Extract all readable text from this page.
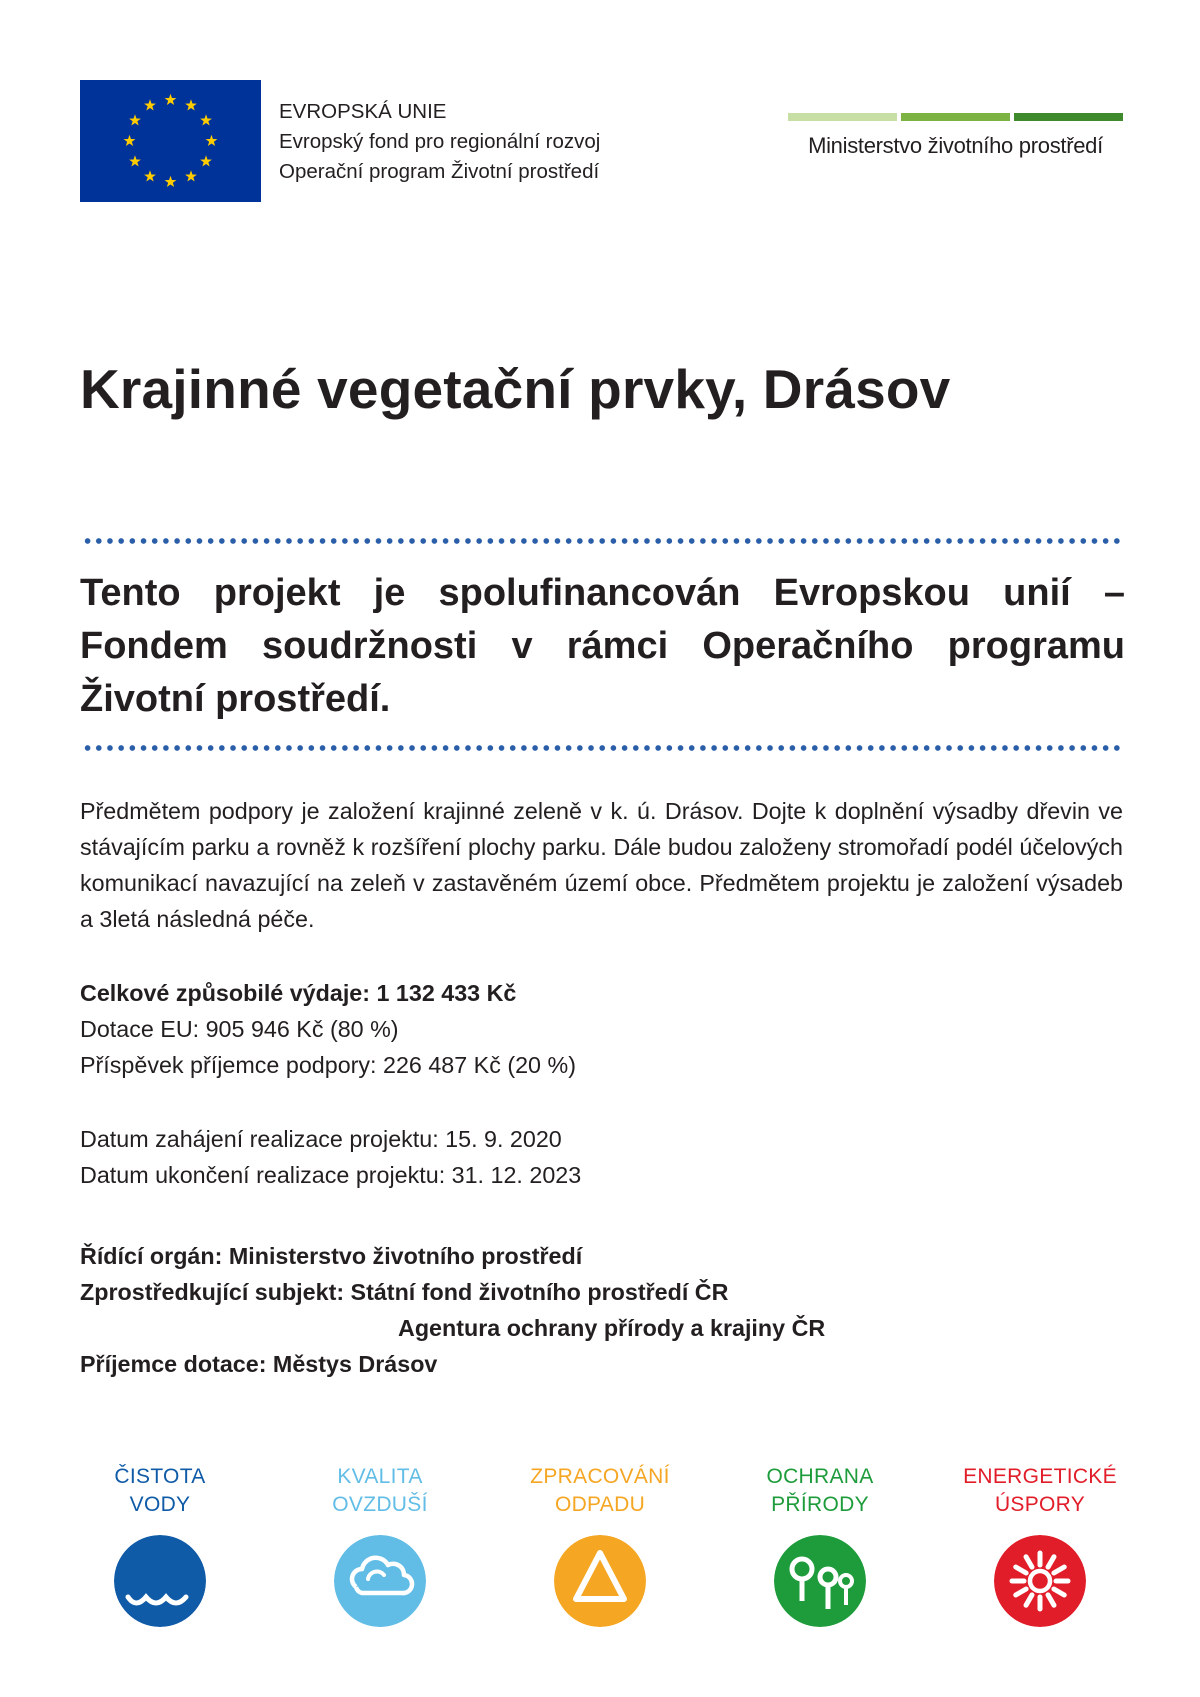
EVROPSKÁ UNIE
Evropský fond pro regionální rozvoj
Operační program Životní prostředí
Ministerstvo životního prostředí
Krajinné vegetační prvky, Drásov

Tento projekt je spolufinancován Evropskou unií – Fondem soudržnosti v rámci Operačního programu Životní prostředí.

Předmětem podpory je založení krajinné zeleně v k. ú. Drásov. Dojte k doplnění výsadby dřevin ve stávajícím parku a rovněž k rozšíření plochy parku. Dále budou založeny stromořadí podél účelových komunikací navazující na zeleň v zastavěném území obce. Předmětem projektu je založení výsadeb a 3letá následná péče.

Celkové způsobilé výdaje: 1 132 433 Kč
Dotace EU: 905 946 Kč (80 %)
Příspěvek příjemce podpory: 226 487 Kč (20 %)
Datum zahájení realizace projektu: 15. 9. 2020
Datum ukončení realizace projektu: 31. 12. 2023
Řídící orgán: Ministerstvo životního prostředí
Zprostředkující subjekt: Státní fond životního prostředí ČR
Agentura ochrany přírody a krajiny ČR
Příjemce dotace: Městys Drásov
ČISTOTA
VODY
KVALITA
OVZDUŠÍ
ZPRACOVÁNÍ
ODPADU
OCHRANA
PŘÍRODY
ENERGETICKÉ
ÚSPORY
